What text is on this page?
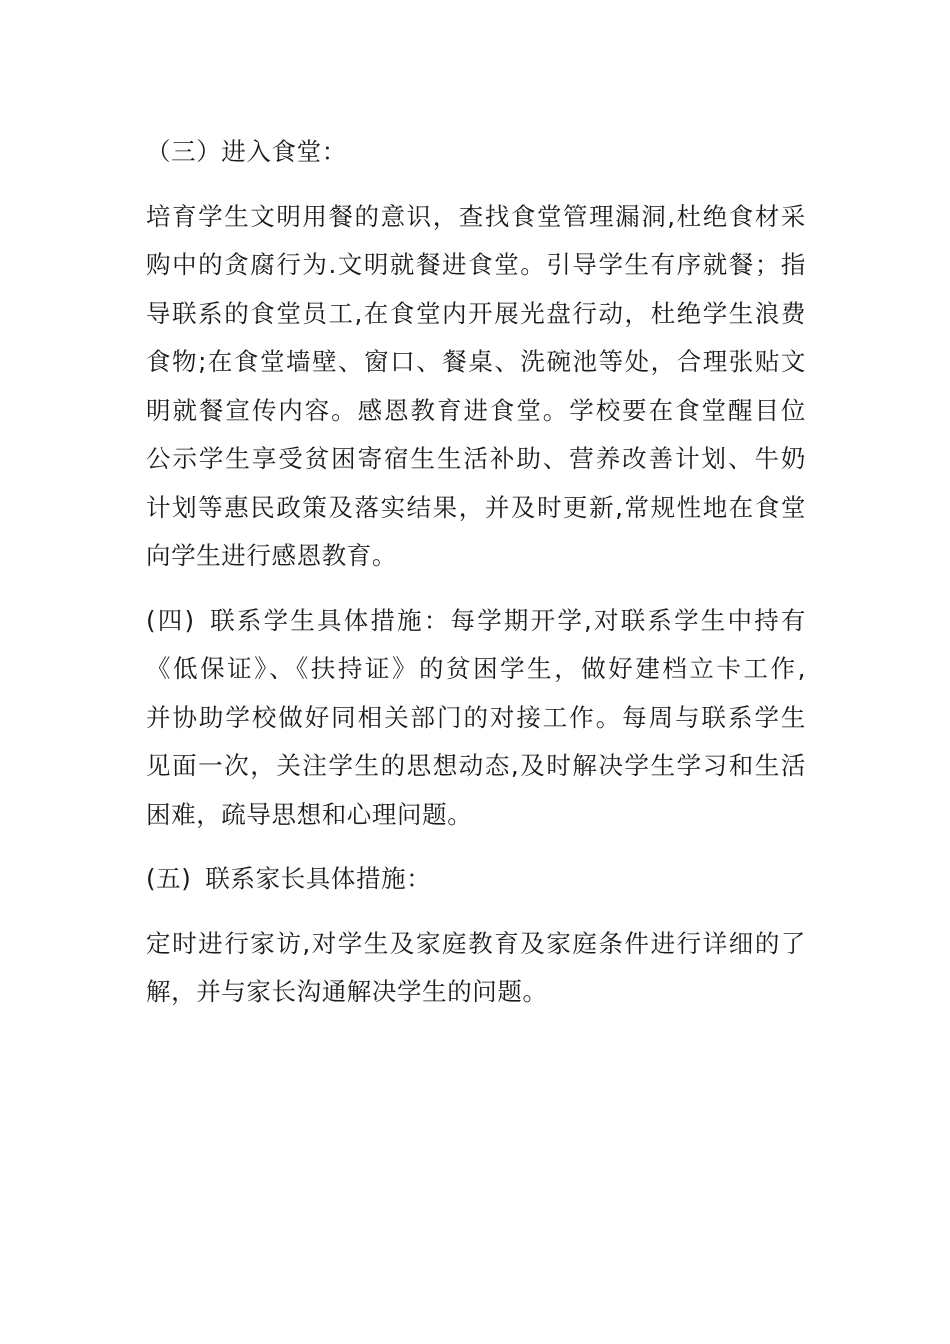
（三）进入食堂：
培育学生文明用餐的意识，查找食堂管理漏洞,杜绝食材采
购中的贪腐行为.文明就餐进食堂。引导学生有序就餐；指
导联系的食堂员工,在食堂内开展光盘行动，杜绝学生浪费
食物;在食堂墙壁、窗口、餐桌、洗碗池等处，合理张贴文
明就餐宣传内容。感恩教育进食堂。学校要在食堂醒目位
公示学生享受贫困寄宿生生活补助、营养改善计划、牛奶
计划等惠民政策及落实结果，并及时更新,常规性地在食堂
向学生进行感恩教育。
(四) 联系学生具体措施：每学期开学,对联系学生中持有
《低保证》、《扶持证》的贫困学生，做好建档立卡工作,
并协助学校做好同相关部门的对接工作。每周与联系学生
见面一次，关注学生的思想动态,及时解决学生学习和生活
困难，疏导思想和心理问题。
(五) 联系家长具体措施：
定时进行家访,对学生及家庭教育及家庭条件进行详细的了
解，并与家长沟通解决学生的问题。
